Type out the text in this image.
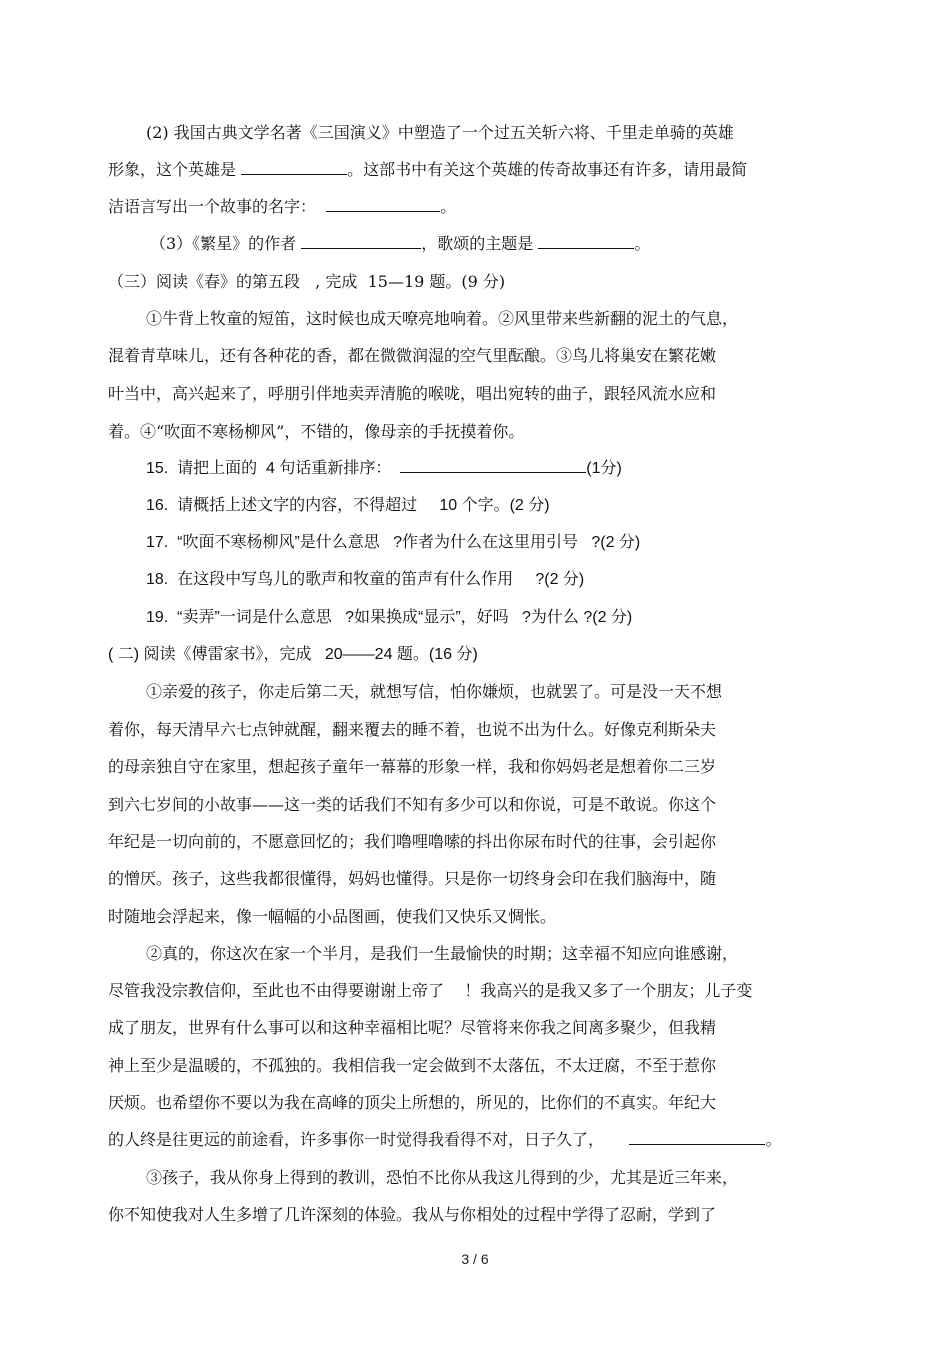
(2) 我国古典文学名著《三国演义》中塑造了一个过五关斩六将、千里走单骑的英雄
形象，这个英雄是	。这部书中有关这个英雄的传奇故事还有许多，请用最简
洁语言写出一个故事的名字：	。
（3）《繁星》的作者	，歌颂的主题是	。
（三）阅读《春》的第五段   , 完成  15—19 题。(9 分)
①牛背上牧童的短笛，这时候也成天嘹亮地响着。②风里带来些新翻的泥土的气息，
混着青草味儿，还有各种花的香，都在微微润湿的空气里酝酿。③鸟儿将巢安在繁花嫩
叶当中，高兴起来了，呼朋引伴地卖弄清脆的喉咙，唱出宛转的曲子，跟轻风流水应和
着。④“吹面不寒杨柳风”，不错的，像母亲的手抚摸着你。
15.  请把上面的  4 句话重新排序：	(1分)
16.  请概括上述文字的内容，不得超过     10 个字。(2 分)
17.  “吹面不寒杨柳风”是什么意思   ?作者为什么在这里用引号   ?(2 分)
18.  在这段中写鸟儿的歌声和牧童的笛声有什么作用     ?(2 分)
19.  “卖弄”一词是什么意思   ?如果换成“显示”，好吗   ?为什么 ?(2 分)
( 二) 阅读《傅雷家书》，完成   20——24 题。(16 分)
①亲爱的孩子，你走后第二天，就想写信，怕你嫌烦，也就罢了。可是没一天不想
着你，每天清早六七点钟就醒，翻来覆去的睡不着，也说不出为什么。好像克利斯朵夫
的母亲独自守在家里，想起孩子童年一幕幕的形象一样，我和你妈妈老是想着你二三岁
到六七岁间的小故事——这一类的话我们不知有多少可以和你说，可是不敢说。你这个
年纪是一切向前的，不愿意回忆的；我们噜哩噜嗦的抖出你尿布时代的往事，会引起你
的憎厌。孩子，这些我都很懂得，妈妈也懂得。只是你一切终身会印在我们脑海中，随
时随地会浮起来，像一幅幅的小品图画，使我们又快乐又惆怅。
②真的，你这次在家一个半月，是我们一生最愉快的时期；这幸福不知应向谁感谢，
尽管我没宗教信仰，至此也不由得要谢谢上帝了    ！我高兴的是我又多了一个朋友；儿子变
成了朋友，世界有什么事可以和这种幸福相比呢？尽管将来你我之间离多聚少，但我精
神上至少是温暖的，不孤独的。我相信我一定会做到不太落伍，不太迂腐，不至于惹你
厌烦。也希望你不要以为我在高峰的顶尖上所想的，所见的，比你们的不真实。年纪大
的人终是往更远的前途看，许多事你一时觉得我看得不对，日子久了，	。
③孩子，我从你身上得到的教训，恐怕不比你从我这儿得到的少，尤其是近三年来，
你不知使我对人生多增了几许深刻的体验。我从与你相处的过程中学得了忍耐，学到了
3 / 6
